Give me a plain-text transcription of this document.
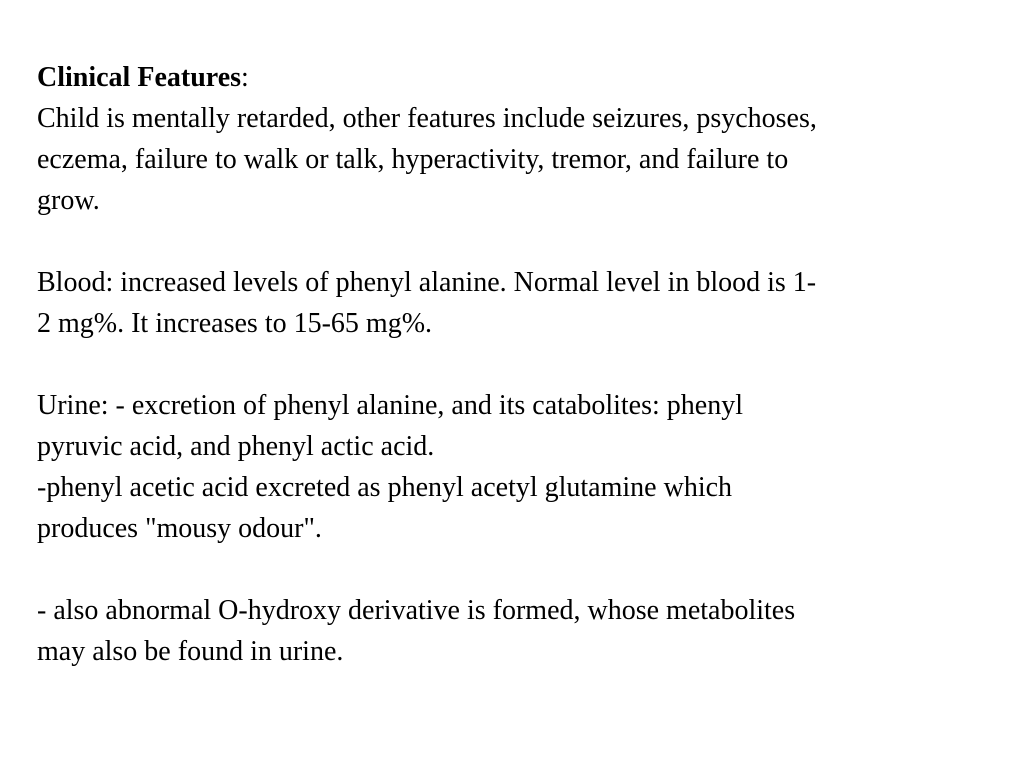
Clinical Features:
Child is mentally retarded, other features include seizures, psychoses,
eczema, failure to walk or talk, hyperactivity, tremor, and failure to
grow.
Blood: increased levels of phenyl alanine. Normal level in blood is 1-
2 mg%. It increases to 15-65 mg%.
Urine: - excretion of phenyl alanine, and its catabolites: phenyl
pyruvic acid, and phenyl actic acid.
-phenyl acetic acid excreted as phenyl acetyl glutamine which
produces "mousy odour".
- also abnormal O-hydroxy derivative is formed, whose metabolites
may also be found in urine.
